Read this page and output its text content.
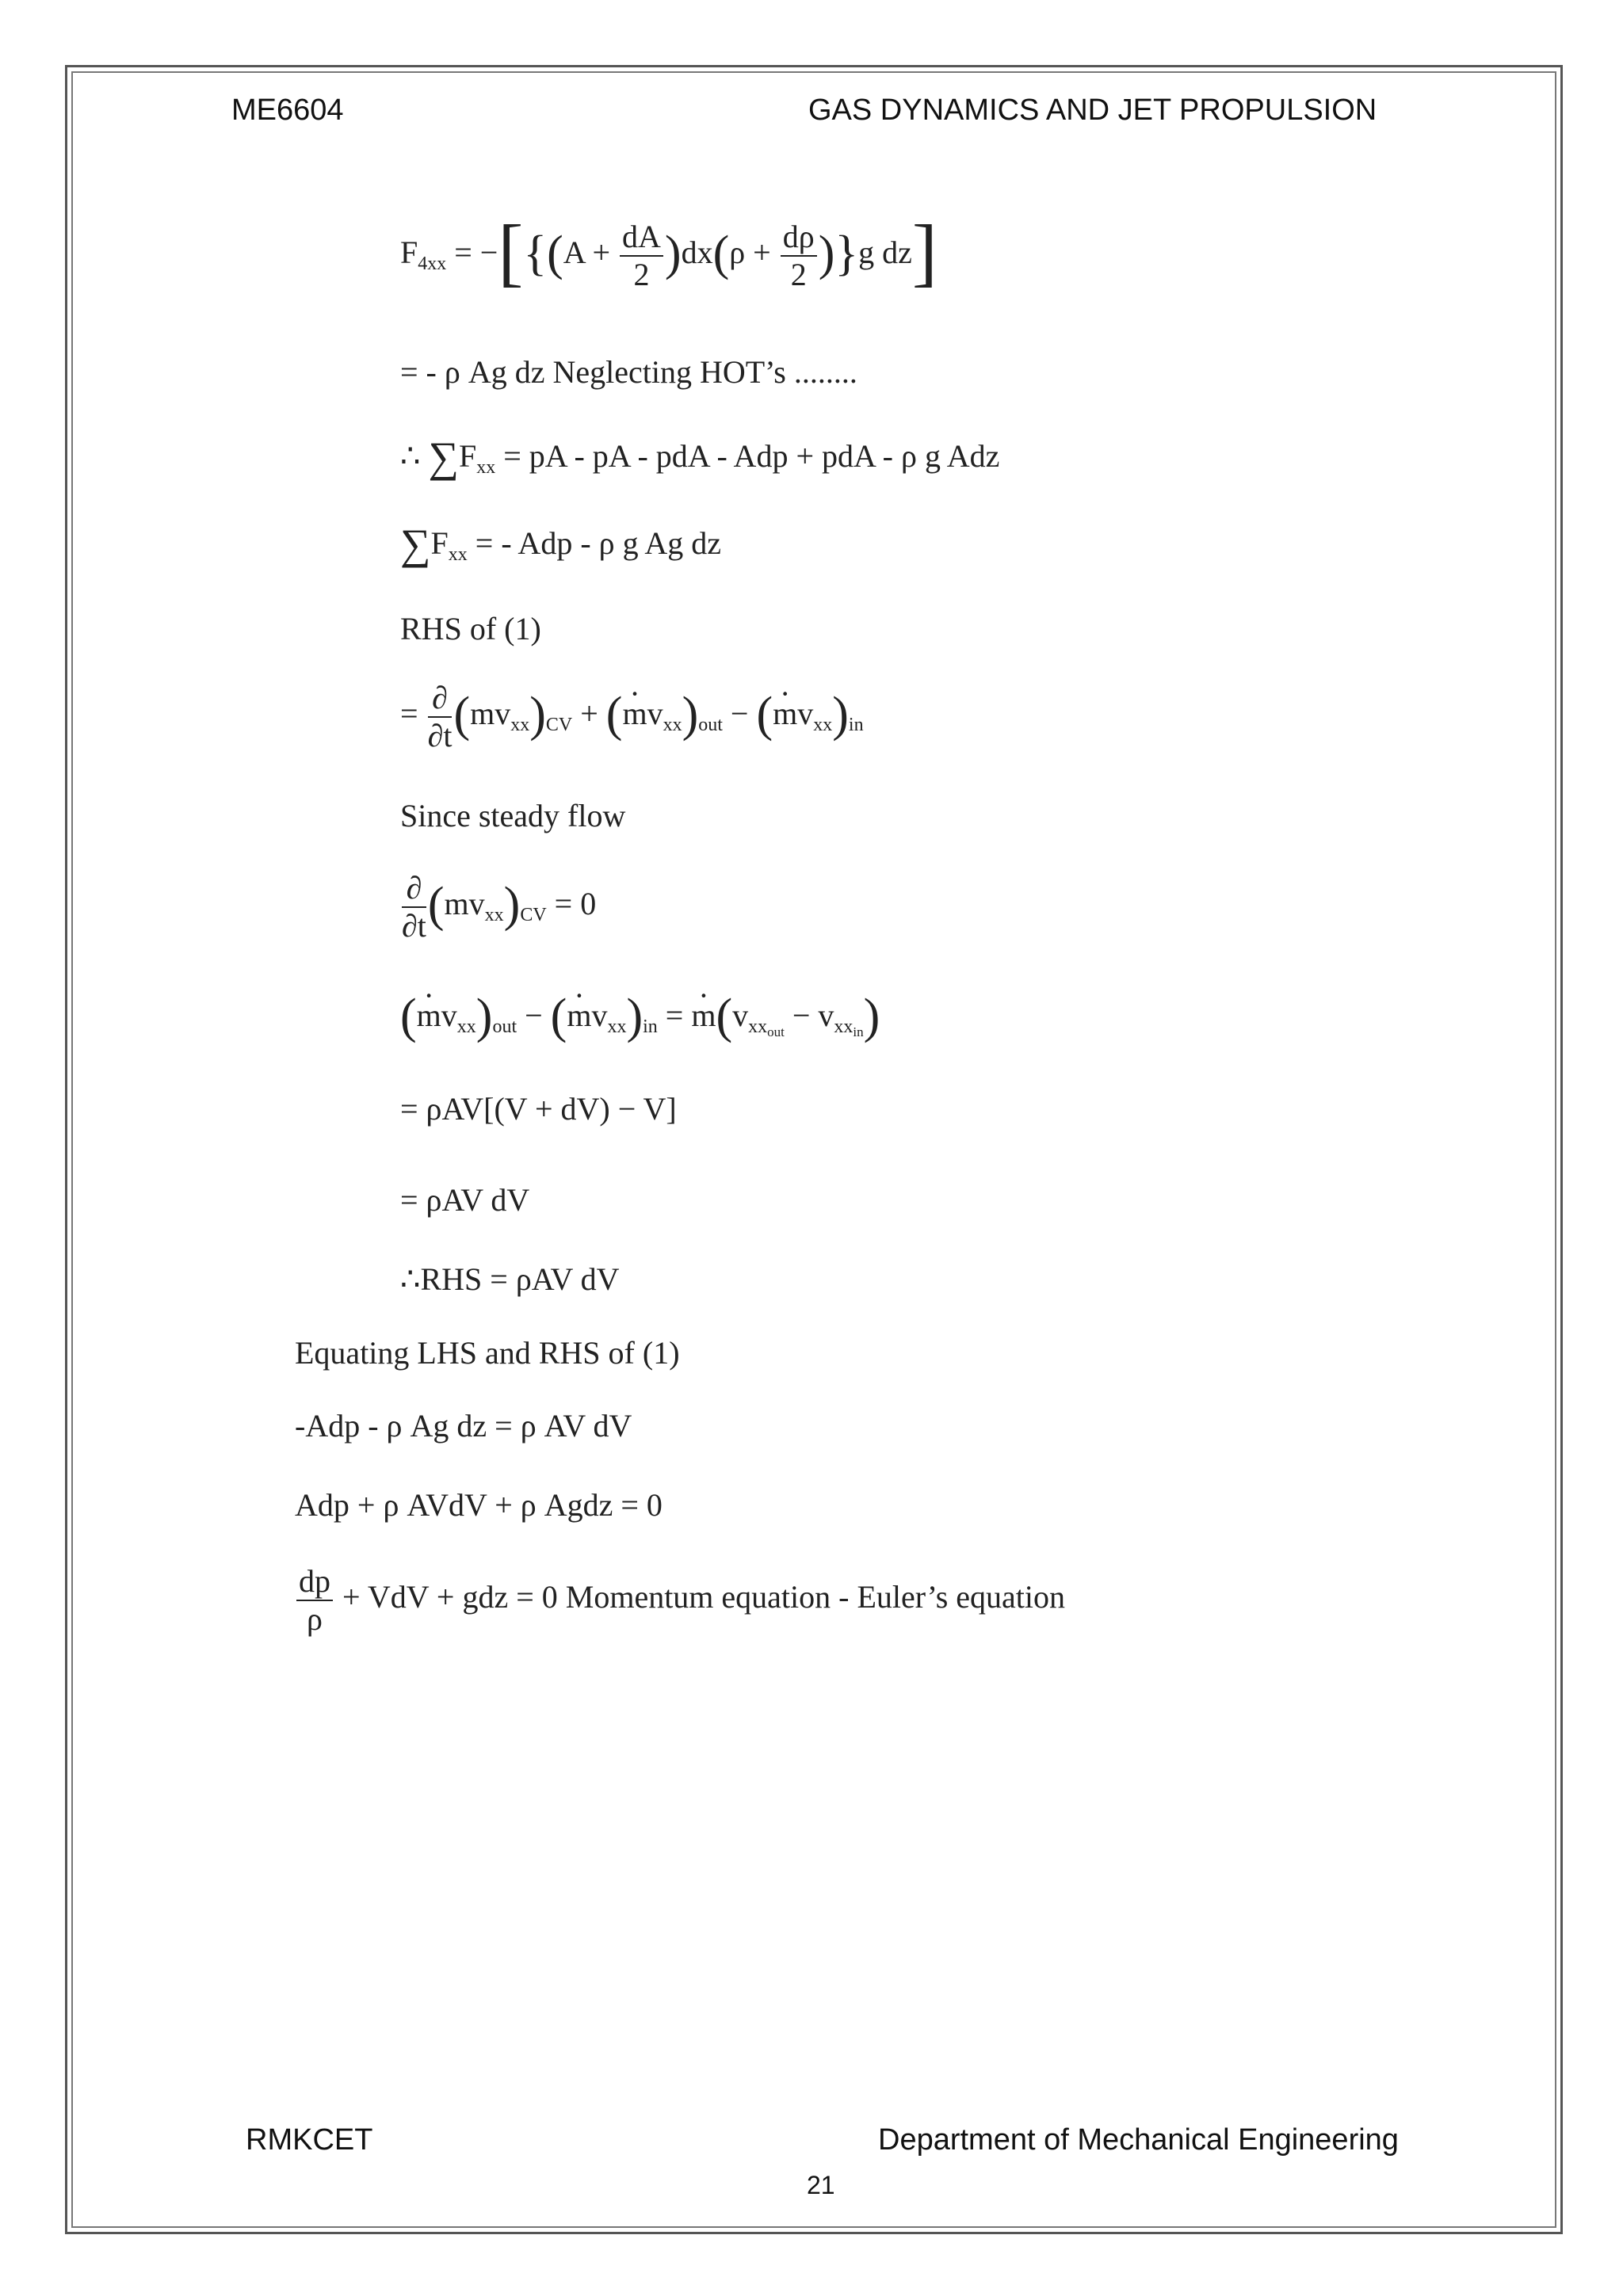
ME6604	GAS DYNAMICS AND JET PROPULSION
$F_{4xx} = -[\{(A + \frac{dA}{2} )dx(\rho + \frac{d\rho}{2} )\}g$ dz]
= - ρ Ag dz Neglecting HOT’s ........
∴ $\sum F_{xx}$ = pA - pA - pdA - Adp + pdA - ρ g Adz
$\sum F_{xx}$ = - Adp - ρ g Ag dz
RHS of (1)
= $\frac{\partial}{\partial t} (mv_{xx})_{CV}$ + (· $mv_{xx})_{out}$ − (· $mv_{xx})_{in}$
Since steady flow
$\frac{\partial}{\partial t} (mv_{xx})_{CV} = 0$
(· $mv_{xx})_{out}$ − (· $mv_{xx})_{in}$ = · $m(v_{xx_{out}} - v_{xx_{in}})$
= ρAV[(V + dV) − V]
= ρAV dV
∴RHS = ρAV dV
Equating LHS and RHS of (1)
-Adp - ρ Ag dz = ρ AV dV
Adp + ρ AVdV + ρ Agdz = 0
$\frac{dp}{\rho}$ + VdV + gdz = 0 Momentum equation - Euler’s equation
RMKCET	Department of Mechanical Engineering
21
